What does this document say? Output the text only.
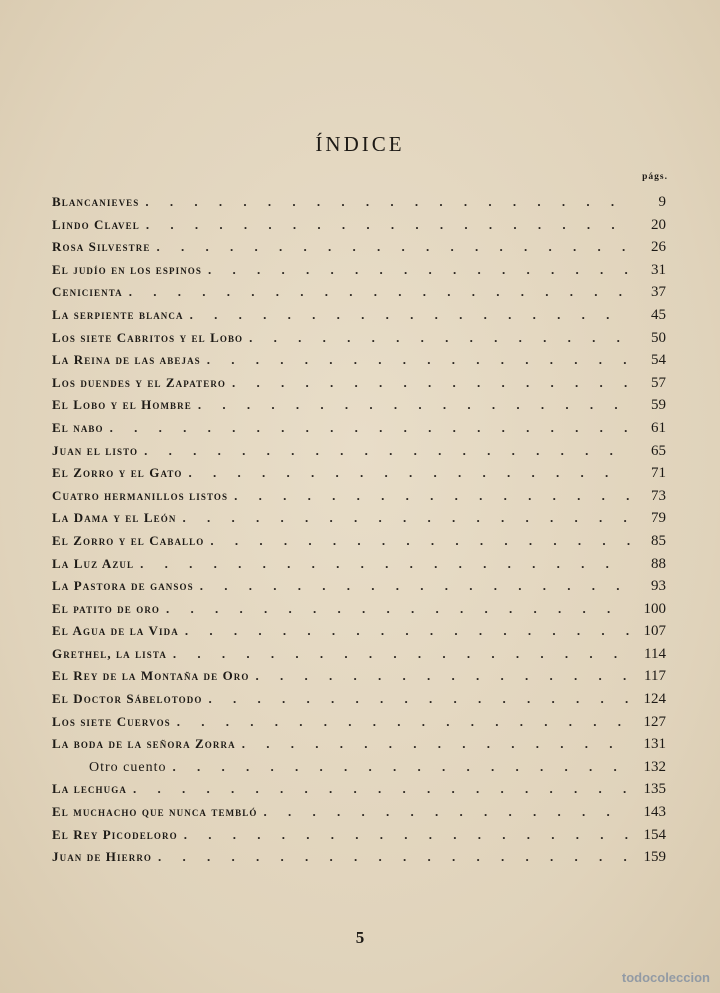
ÍNDICE
págs.
Blancanieves . . .	9
Lindo Clavel . . .	20
Rosa Silvestre . . .	26
El judío en los espinos . . .	31
Cenicienta . . .	37
La serpiente blanca . . .	45
Los siete Cabritos y el Lobo . . .	50
La Reina de las abejas . . .	54
Los duendes y el Zapatero . . .	57
El Lobo y el Hombre . . .	59
El nabo . . .	61
Juan el listo . . .	65
El Zorro y el Gato . . .	71
Cuatro hermanillos listos . . .	73
La Dama y el León . . .	79
El Zorro y el Caballo . . .	85
La Luz Azul . . .	88
La Pastora de gansos . . .	93
El patito de oro . . .	100
El Agua de la Vida . . .	107
Grethel, la lista . . .	114
El Rey de la Montaña de Oro . . .	117
El Doctor Sábelotodo . . .	124
Los siete Cuervos . . .	127
La boda de la señora Zorra . . .	131
Otro cuento . . .	132
La lechuga . . .	135
El muchacho que nunca tembló . . .	143
El Rey Picodeloro . . .	154
Juan de Hierro . . .	159
5
todocoleccion
